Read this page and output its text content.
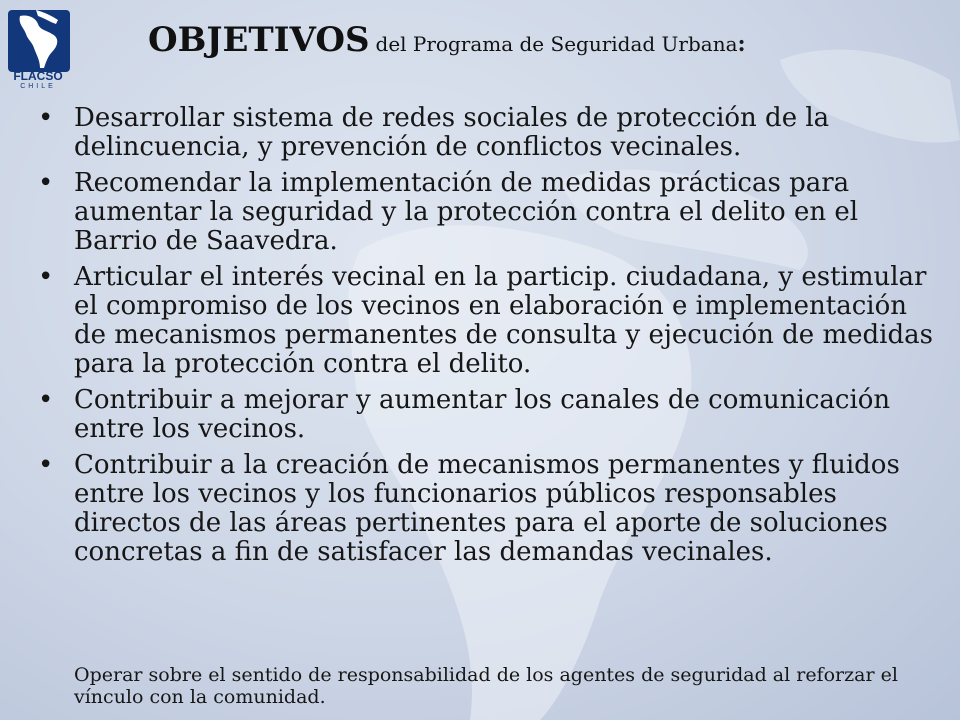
FLACSO
CHILE
OBJETIVOS del Programa de Seguridad Urbana:
• Desarrollar sistema de redes sociales de protección de la delincuencia, y prevención de conflictos vecinales.
• Recomendar la implementación de medidas prácticas para aumentar la seguridad y la protección contra el delito en el Barrio de Saavedra.
• Articular el interés vecinal en la particip. ciudadana, y estimular el compromiso de los vecinos en elaboración e implementación de mecanismos permanentes de consulta y ejecución de medidas para la protección contra el delito.
• Contribuir a mejorar y aumentar los canales de comunicación entre los vecinos.
• Contribuir a la creación de mecanismos permanentes y fluidos entre los vecinos y los funcionarios públicos responsables directos de las áreas pertinentes para el aporte de soluciones concretas a fin de satisfacer las demandas vecinales.
Operar sobre el sentido de responsabilidad de los agentes de seguridad al reforzar el vínculo con la comunidad.
